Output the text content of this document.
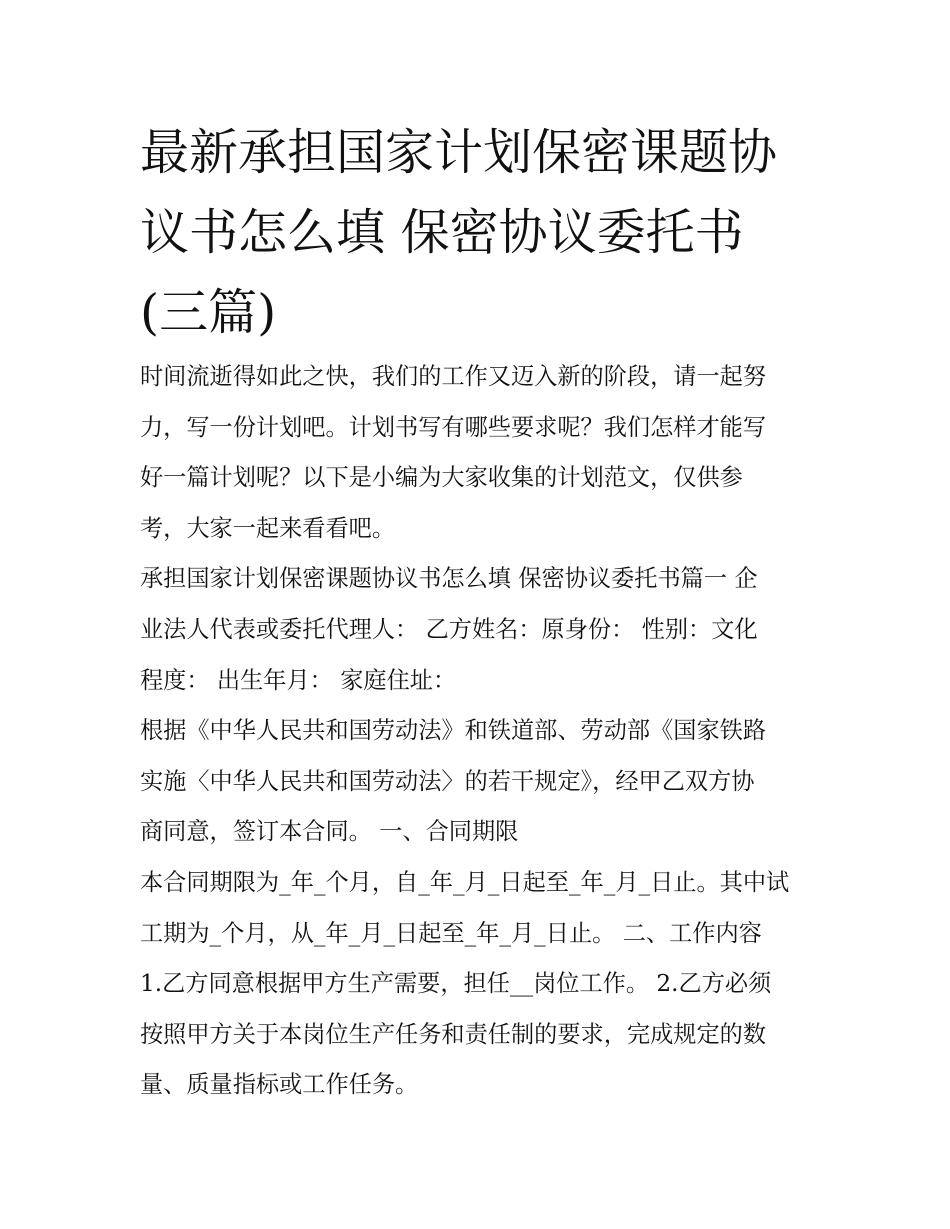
最新承担国家计划保密课题协
议书怎么填 保密协议委托书
(三篇)
时间流逝得如此之快，我们的工作又迈入新的阶段，请一起努
力，写一份计划吧。计划书写有哪些要求呢？我们怎样才能写
好一篇计划呢？以下是小编为大家收集的计划范文，仅供参
考，大家一起来看看吧。
承担国家计划保密课题协议书怎么填 保密协议委托书篇一 企
业法人代表或委托代理人： 乙方姓名：原身份： 性别：文化
程度： 出生年月： 家庭住址：
根据《中华人民共和国劳动法》和铁道部、劳动部《国家铁路
实施〈中华人民共和国劳动法〉的若干规定》，经甲乙双方协
商同意，签订本合同。 一、合同期限
本合同期限为_年_个月，自_年_月_日起至_年_月_日止。其中试
工期为_个月，从_年_月_日起至_年_月_日止。 二、工作内容
1.乙方同意根据甲方生产需要，担任__岗位工作。 2.乙方必须
按照甲方关于本岗位生产任务和责任制的要求，完成规定的数
量、质量指标或工作任务。
